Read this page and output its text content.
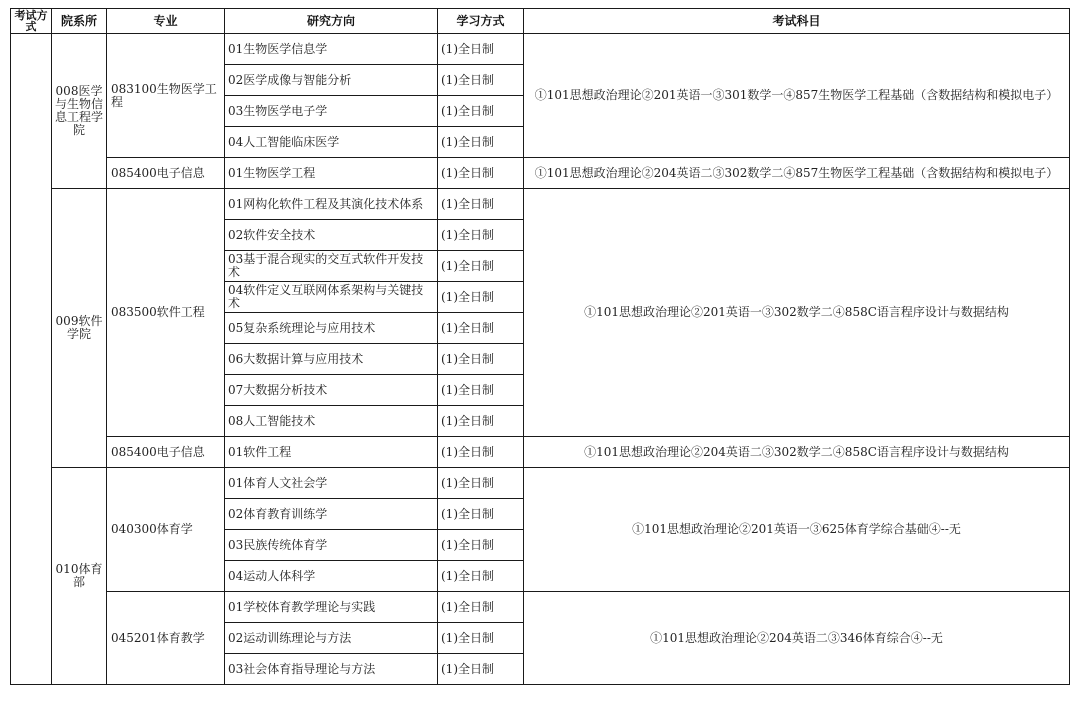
考试方式	院系所	专业	研究方向	学习方式	考试科目
	008医学与生物信息工程学院	083100生物医学工程	01生物医学信息学	(1)全日制	①101思想政治理论②201英语一③301数学一④857生物医学工程基础（含数据结构和模拟电子）
			02医学成像与智能分析	(1)全日制	
			03生物医学电子学	(1)全日制	
			04人工智能临床医学	(1)全日制	
		085400电子信息	01生物医学工程	(1)全日制	①101思想政治理论②204英语二③302数学二④857生物医学工程基础（含数据结构和模拟电子）
	009软件学院	083500软件工程	01网构化软件工程及其演化技术体系	(1)全日制	①101思想政治理论②201英语一③302数学二④858C语言程序设计与数据结构
			02软件安全技术	(1)全日制	
			03基于混合现实的交互式软件开发技术	(1)全日制	
			04软件定义互联网体系架构与关键技术	(1)全日制	
			05复杂系统理论与应用技术	(1)全日制	
			06大数据计算与应用技术	(1)全日制	
			07大数据分析技术	(1)全日制	
			08人工智能技术	(1)全日制	
		085400电子信息	01软件工程	(1)全日制	①101思想政治理论②204英语二③302数学二④858C语言程序设计与数据结构
	010体育部	040300体育学	01体育人文社会学	(1)全日制	①101思想政治理论②201英语一③625体育学综合基础④--无
			02体育教育训练学	(1)全日制	
			03民族传统体育学	(1)全日制	
			04运动人体科学	(1)全日制	
		045201体育教学	01学校体育教学理论与实践	(1)全日制	①101思想政治理论②204英语二③346体育综合④--无
			02运动训练理论与方法	(1)全日制	
			03社会体育指导理论与方法	(1)全日制	
